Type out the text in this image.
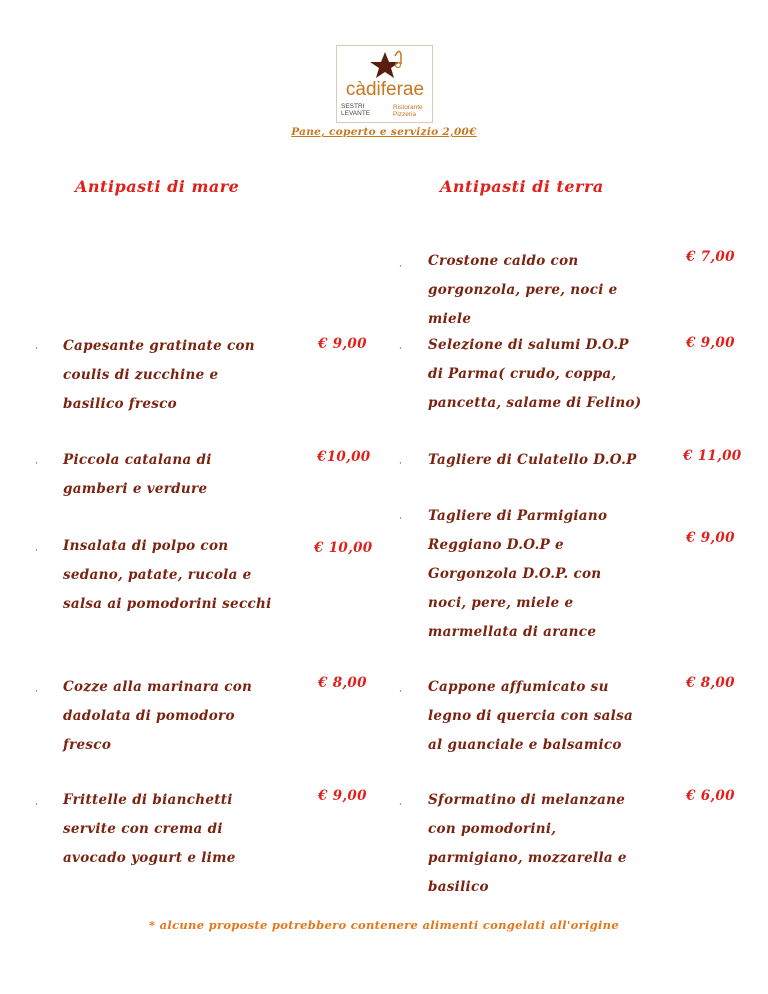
càdiferae
SESTRI
LEVANTE
Ristorante
Pizzeria
Pane, coperto e servizio 2,00€
Antipasti di mare	Antipasti di terra
· Capesante gratinate con
coulis di zucchine e
basilico fresco
€ 9,00
· Piccola catalana di
gamberi e verdure
€10,00
· Insalata di polpo con
sedano, patate, rucola e
salsa ai pomodorini secchi
€ 10,00
· Cozze alla marinara con
dadolata di pomodoro
fresco
€ 8,00
· Frittelle di bianchetti
servite con crema di
avocado yogurt e lime
€ 9,00
· Crostone caldo con
gorgonzola, pere, noci e
miele
€ 7,00
· Selezione di salumi D.O.P
di Parma( crudo, coppa,
pancetta, salame di Felino)
€ 9,00
· Tagliere di Culatello D.O.P	€ 11,00
· Tagliere di Parmigiano
Reggiano D.O.P e
Gorgonzola D.O.P. con
noci, pere, miele e
marmellata di arance
€ 9,00
· Cappone affumicato su
legno di quercia con salsa
al guanciale e balsamico
€ 8,00
· Sformatino di melanzane
con pomodorini,
parmigiano, mozzarella e
basilico
€ 6,00
* alcune proposte potrebbero contenere alimenti congelati all'origine
